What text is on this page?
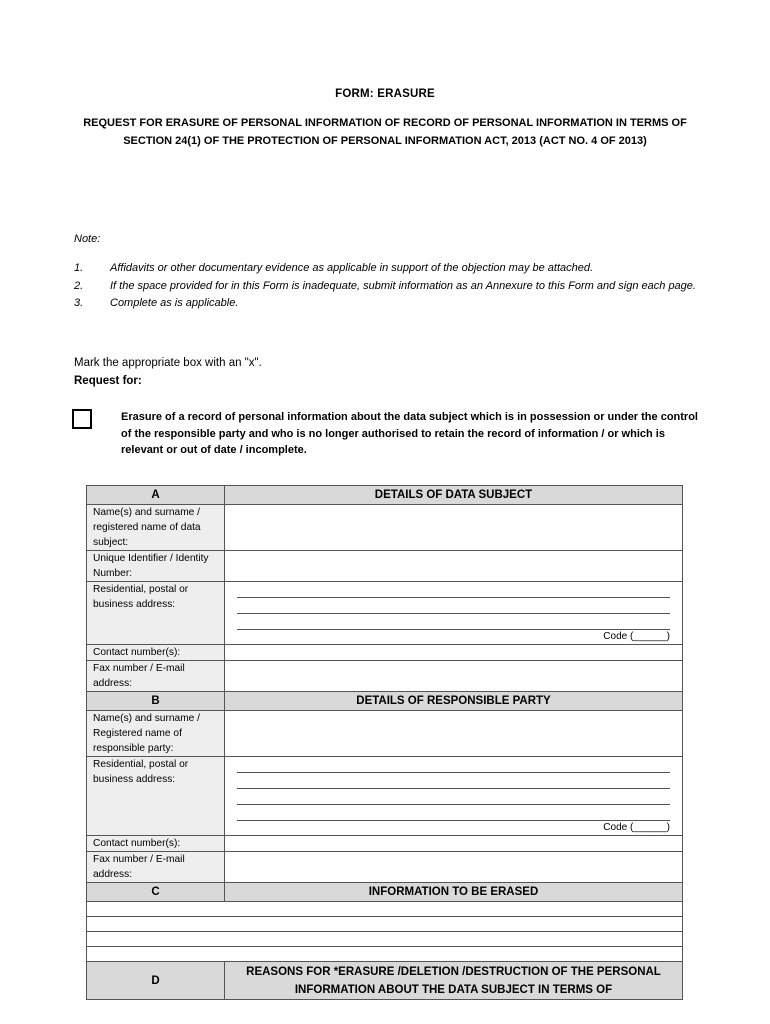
FORM: ERASURE
REQUEST FOR ERASURE OF PERSONAL INFORMATION OF RECORD OF PERSONAL INFORMATION IN TERMS OF SECTION 24(1) OF THE PROTECTION OF PERSONAL INFORMATION ACT, 2013 (ACT NO. 4 OF 2013)
Note:
1. Affidavits or other documentary evidence as applicable in support of the objection may be attached.
2. If the space provided for in this Form is inadequate, submit information as an Annexure to this Form and sign each page.
3. Complete as is applicable.
Mark the appropriate box with an "x".
Request for:
Erasure of a record of personal information about the data subject which is in possession or under the control of the responsible party and who is no longer authorised to retain the record of information / or which is relevant or out of date / incomplete.
A	DETAILS OF DATA SUBJECT
Name(s) and surname / registered name of data subject:	
Unique Identifier / Identity Number:	
Residential, postal or business address:	Code (______)

Contact number(s):	
Fax number / E-mail address:	
B	DETAILS OF RESPONSIBLE PARTY
Name(s) and surname / Registered name of responsible party:	
Residential, postal or business address:	Code (______)

Contact number(s):	
Fax number / E-mail address:	
C	INFORMATION TO BE ERASED

D	REASONS FOR *ERASURE /DELETION /DESTRUCTION OF THE PERSONAL INFORMATION ABOUT THE DATA SUBJECT IN TERMS OF
